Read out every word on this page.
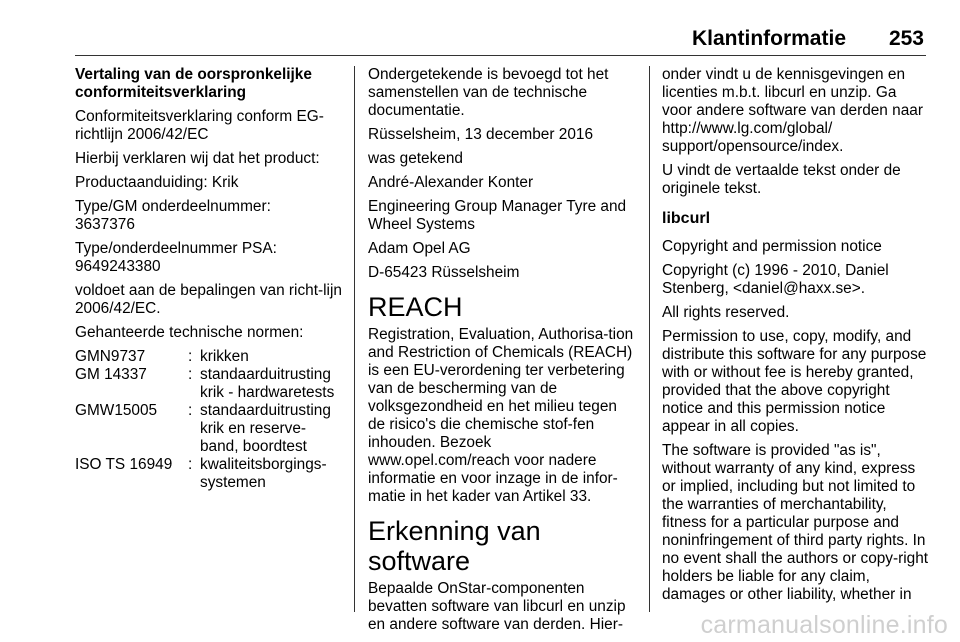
Klantinformatie 253

Vertaling van de oorspronkelijke conformiteitsverklaring

Conformiteitsverklaring conform EG-richtlijn 2006/42/EC

Hierbij verklaren wij dat het product:

Productaanduiding: Krik

Type/GM onderdeelnummer:
3637376

Type/onderdeelnummer PSA:
9649243380

voldoet aan de bepalingen van richt-lijn 2006/42/EC.

Gehanteerde technische normen:

GMN9737	: krikken
GM 14337	: standaarduitrusting krik - hardwaretests
GMW15005 : standaarduitrusting krik en reserve-band, boordtest
ISO TS 16949 : kwaliteitsborgings-systemen

Ondergetekende is bevoegd tot het samenstellen van de technische documentatie.

Rüsselsheim, 13 december 2016

was getekend

André-Alexander Konter

Engineering Group Manager Tyre and Wheel Systems

Adam Opel AG

D-65423 Rüsselsheim

REACH

Registration, Evaluation, Authorisa-tion and Restriction of Chemicals (REACH) is een EU-verordening ter verbetering van de bescherming van de volksgezondheid en het milieu tegen de risico's die chemische stof-fen inhouden. Bezoek www.opel.com/reach voor nadere informatie en voor inzage in de infor-matie in het kader van Artikel 33.

Erkenning van software

Bepaalde OnStar-componenten bevatten software van libcurl en unzip en andere software van derden. Hier-

onder vindt u de kennisgevingen en licenties m.b.t. libcurl en unzip. Ga voor andere software van derden naar http://www.lg.com/global/ support/opensource/index.

U vindt de vertaalde tekst onder de originele tekst.

libcurl

Copyright and permission notice

Copyright (c) 1996 - 2010, Daniel Stenberg, <daniel@haxx.se>.

All rights reserved.

Permission to use, copy, modify, and distribute this software for any purpose with or without fee is hereby granted, provided that the above copyright notice and this permission notice appear in all copies.

The software is provided "as is", without warranty of any kind, express or implied, including but not limited to the warranties of merchantability, fitness for a particular purpose and noninfringement of third party rights. In no event shall the authors or copy-right holders be liable for any claim, damages or other liability, whether in

carmanualsonline.info
